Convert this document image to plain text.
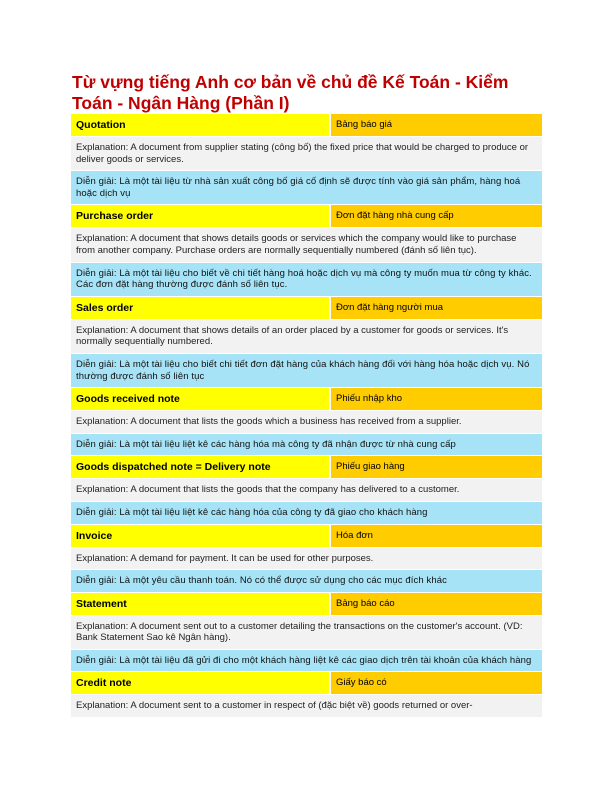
Từ vựng tiếng Anh cơ bản về chủ đề Kế Toán - Kiểm Toán - Ngân Hàng (Phần I)
Quotation	Bảng báo giá
Explanation: A document from supplier stating (công bố) the fixed price that would be charged to produce or deliver goods or services.
Diễn giải: Là một tài liệu từ nhà sản xuất công bố giá cố định sẽ được tính vào giá sản phẩm, hàng hoá hoặc dịch vụ
Purchase order	Đơn đặt hàng nhà cung cấp
Explanation: A document that shows details goods or services which the company would like to purchase from another company. Purchase orders are normally sequentially numbered (đánh số liên tục).
Diễn giải: Là một tài liệu cho biết về chi tiết hàng hoá hoặc dịch vụ mà công ty muốn mua từ công ty khác. Các đơn đặt hàng thường được đánh số liên tục.
Sales order	Đơn đặt hàng người mua
Explanation: A document that shows details of an order placed by a customer for goods or services. It's normally sequentially numbered.
Diễn giải: Là một tài liệu cho biết chi tiết đơn đặt hàng của khách hàng đối với hàng hóa hoặc dịch vụ. Nó thường được đánh số liên tục
Goods received note	Phiếu nhập kho
Explanation: A document that lists the goods which a business has received from a supplier.
Diễn giải: Là một tài liệu liệt kê các hàng hóa mà công ty đã nhận được từ nhà cung cấp
Goods dispatched note = Delivery note	Phiếu giao hàng
Explanation: A document that lists the goods that the company has delivered to a customer.
Diễn giải: Là một tài liệu liệt kê các hàng hóa của công ty đã giao cho khách hàng
Invoice	Hóa đơn
Explanation: A demand for payment. It can be used for other purposes.
Diễn giải: Là một yêu cầu thanh toán. Nó có thể được sử dụng cho các mục đích khác
Statement	Bảng báo cáo
Explanation: A document sent out to a customer detailing the transactions on the customer's account. (VD: Bank Statement Sao kê Ngân hàng).
Diễn giải: Là một tài liệu đã gửi đi cho một khách hàng liệt kê các giao dịch trên tài khoản của khách hàng
Credit note	Giấy báo có
Explanation: A document sent to a customer in respect of (đặc biệt về) goods returned or over-
